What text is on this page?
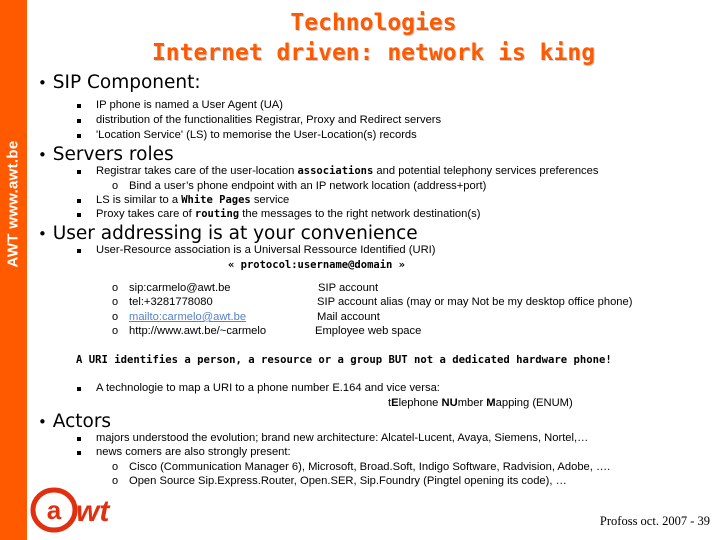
AWT www.awt.be
Technologies
Internet driven: network is king
• SIP Component:
IP phone is named a User Agent (UA)
distribution of the functionalities Registrar, Proxy and Redirect servers
'Location Service' (LS) to memorise the User-Location(s) records
• Servers roles
Registrar takes care of the user-location associations and potential telephony services preferences
o Bind a user’s phone endpoint with an IP network location (address+port)
LS is similar to a White Pages service
Proxy takes care of routing the messages to the right network destination(s)
• User addressing is at your convenience
User-Resource association is a Universal Ressource Identified (URI)
« protocol:username@domain »
o sip:carmelo@awt.be	SIP account
o tel:+3281778080	SIP account alias (may or may Not be my desktop office phone)
o mailto:carmelo@awt.be	Mail account
o http://www.awt.be/~carmelo	Employee web space
A URI identifies a person, a resource or a group BUT not a dedicated hardware phone!
A technologie to map a URI to a phone number E.164 and vice versa:
tElephone NUmber Mapping (ENUM)
• Actors
majors understood the evolution; brand new architecture: Alcatel-Lucent, Avaya, Siemens, Nortel,…
news comers are also strongly present:
o Cisco (Communication Manager 6), Microsoft, Broad.Soft, Indigo Software, Radvision, Adobe, ….
o Open Source Sip.Express.Router, Open.SER, Sip.Foundry (Pingtel opening its code), …
a wt	Profoss oct. 2007 - 39
